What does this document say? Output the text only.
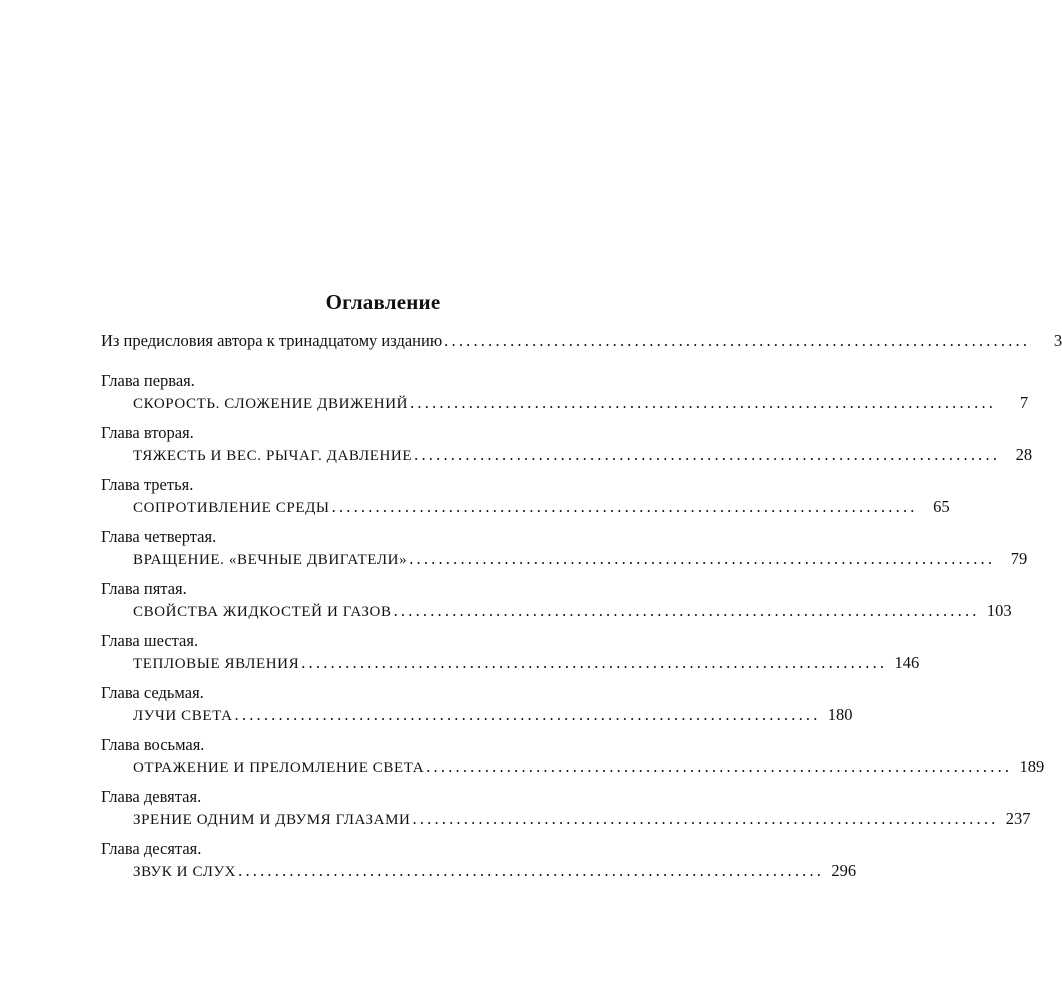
Оглавление
Из предисловия автора к тринадцатому изданию ................................................................................	3
Глава первая.
СКОРОСТЬ. СЛОЖЕНИЕ ДВИЖЕНИЙ ................................................................................	7
Глава вторая.
ТЯЖЕСТЬ И ВЕС. РЫЧАГ. ДАВЛЕНИЕ ................................................................................ 28
Глава третья.
СОПРОТИВЛЕНИЕ СРЕДЫ ................................................................................ 65
Глава четвертая.
ВРАЩЕНИЕ. «ВЕЧНЫЕ ДВИГАТЕЛИ» ................................................................................ 79
Глава пятая.
СВОЙСТВА ЖИДКОСТЕЙ И ГАЗОВ ................................................................................ 103
Глава шестая.
ТЕПЛОВЫЕ ЯВЛЕНИЯ ................................................................................ 146
Глава седьмая.
ЛУЧИ СВЕТА ................................................................................ 180
Глава восьмая.
ОТРАЖЕНИЕ И ПРЕЛОМЛЕНИЕ СВЕТА ................................................................................ 189
Глава девятая.
ЗРЕНИЕ ОДНИМ И ДВУМЯ ГЛАЗАМИ ................................................................................ 237
Глава десятая.
ЗВУК И СЛУХ ................................................................................ 296
